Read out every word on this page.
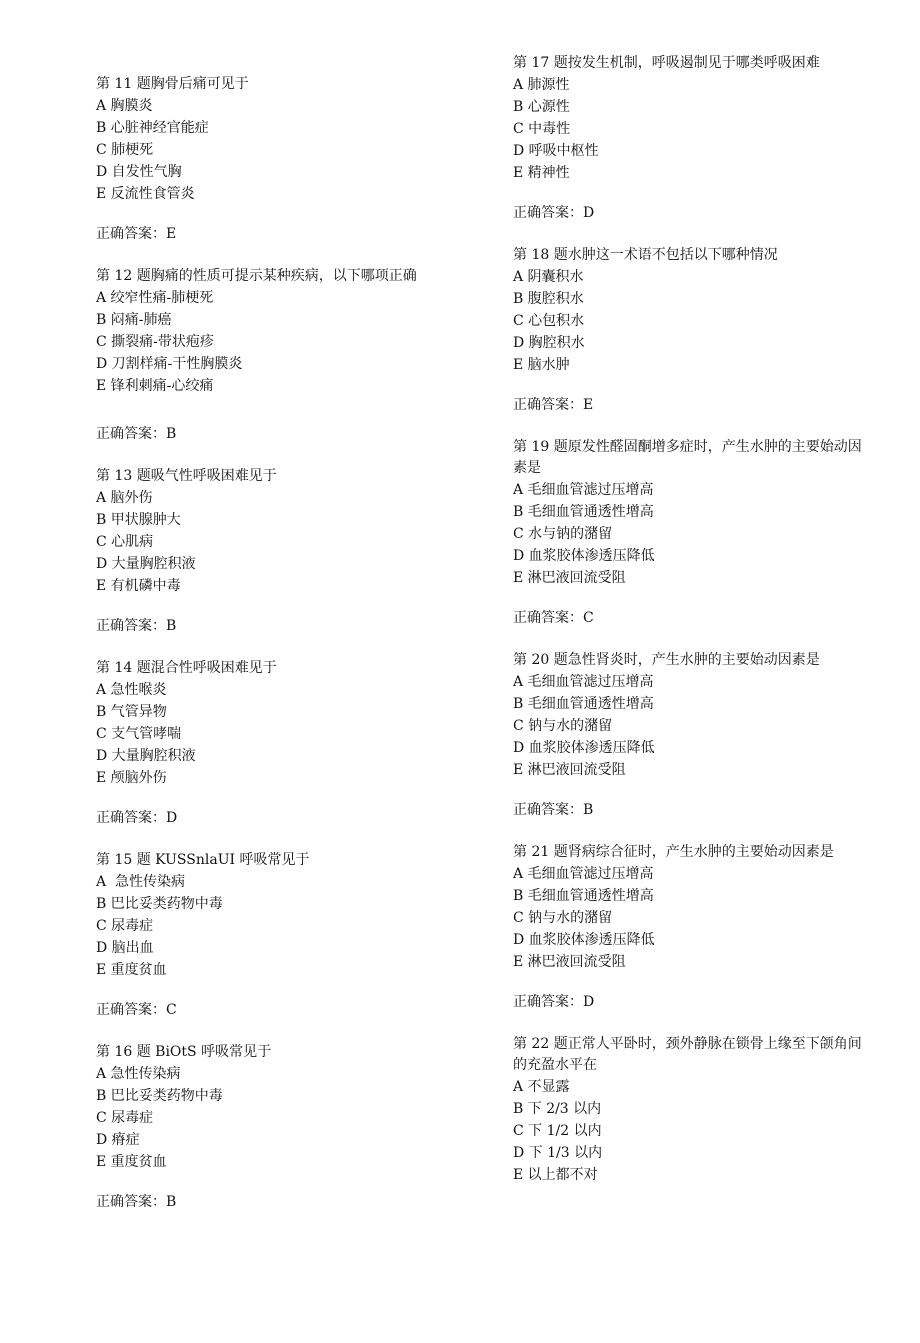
第 11 题胸骨后痛可见于

A 胸膜炎

B 心脏神经官能症

C 肺梗死

D 自发性气胸

E 反流性食管炎

正确答案：E

第 12 题胸痛的性质可提示某种疾病，以下哪项正确

A 绞窄性痛-肺梗死

B 闷痛-肺癌

C 撕裂痛-带状疱疹

D 刀割样痛-干性胸膜炎

E 锋利刺痛-心绞痛

正确答案：B

第 13 题吸气性呼吸困难见于

A 脑外伤

B 甲状腺肿大

C 心肌病

D 大量胸腔积液

E 有机磷中毒

正确答案：B

第 14 题混合性呼吸困难见于

A 急性喉炎

B 气管异物

C 支气管哮喘

D 大量胸腔积液

E 颅脑外伤

正确答案：D

第 15 题 KUSSnlaUI 呼吸常见于

A  急性传染病

B 巴比妥类药物中毒

C 尿毒症

D 脑出血

E 重度贫血

正确答案：C

第 16 题 BiOtS 呼吸常见于

A 急性传染病

B 巴比妥类药物中毒

C 尿毒症

D 瘠症

E 重度贫血

正确答案：B

第 17 题按发生机制，呼吸遏制见于哪类呼吸困难

A 肺源性

B 心源性

C 中毒性

D 呼吸中枢性

E 精神性

正确答案：D

第 18 题水肿这一术语不包括以下哪种情况

A 阴囊积水

B 腹腔积水

C 心包积水

D 胸腔积水

E 脑水肿

正确答案：E

第 19 题原发性醛固酮增多症时，产生水肿的主要始动因素是

A 毛细血管滤过压增高

B 毛细血管通透性增高

C 水与钠的潴留

D 血浆胶体渗透压降低

E 淋巴液回流受阻

正确答案：C

第 20 题急性肾炎时，产生水肿的主要始动因素是

A 毛细血管滤过压增高

B 毛细血管通透性增高

C 钠与水的潴留

D 血浆胶体渗透压降低

E 淋巴液回流受阻

正确答案：B

第 21 题肾病综合征时，产生水肿的主要始动因素是

A 毛细血管滤过压增高

B 毛细血管通透性增高

C 钠与水的潴留

D 血浆胶体渗透压降低

E 淋巴液回流受阻

正确答案：D

第 22 题正常人平卧时，颈外静脉在锁骨上缘至下颌角间的充盈水平在

A 不显露

B 下 2/3 以内

C 下 1/2 以内

D 下 1/3 以内

E 以上都不对
